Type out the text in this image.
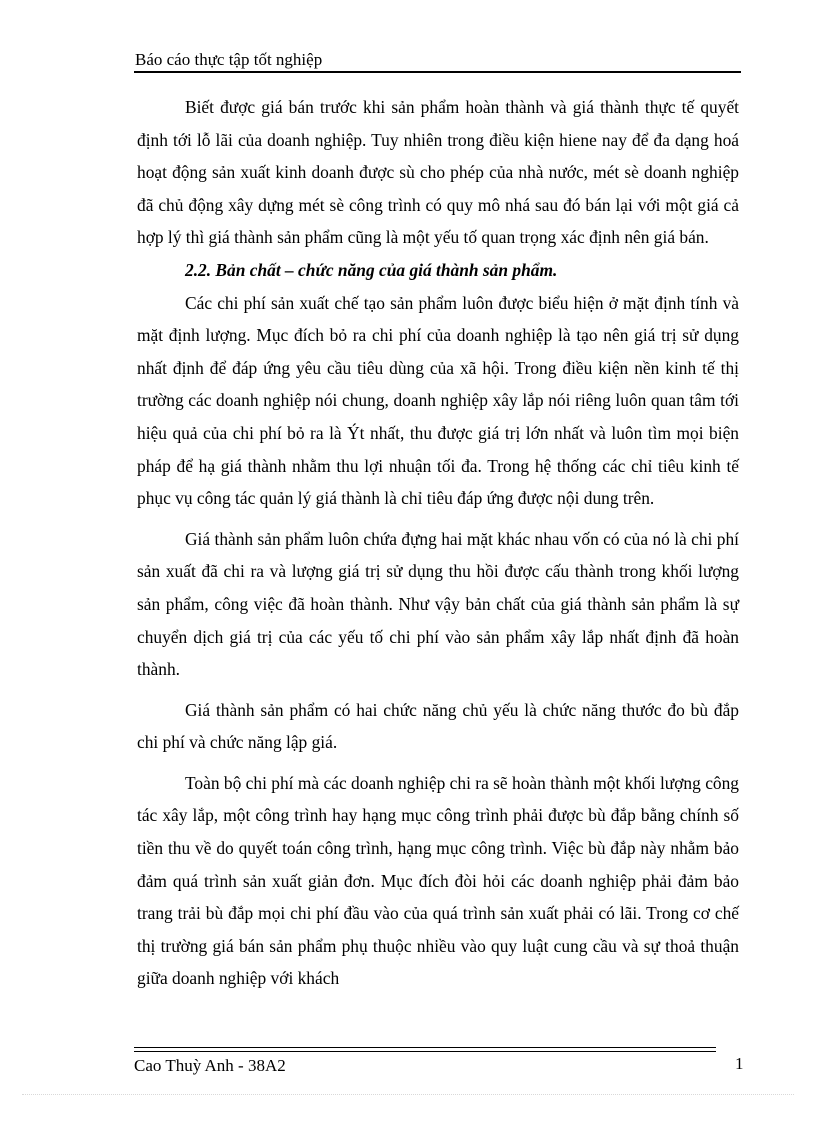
Báo cáo thực tập tốt nghiệp

Biết được giá bán trước khi sản phẩm hoàn thành và giá thành thực tế quyết định tới lỗ lãi của doanh nghiệp. Tuy nhiên trong điều kiện hiene nay để đa dạng hoá hoạt động sản xuất kinh doanh được sù cho phép của nhà nước, mét sè doanh nghiệp đã chủ động xây dựng mét sè công trình có quy mô nhá sau đó bán lại với một giá cả hợp lý thì giá thành sản phẩm cũng là một yếu tố quan trọng xác định nên giá bán.

2.2. Bản chất – chức năng của giá thành sản phẩm.

Các chi phí sản xuất chế tạo sản phẩm luôn được biểu hiện ở mặt định tính và mặt định lượng. Mục đích bỏ ra chi phí của doanh nghiệp là tạo nên giá trị sử dụng nhất định để đáp ứng yêu cầu tiêu dùng của xã hội. Trong điều kiện nền kinh tế thị trường các doanh nghiệp nói chung, doanh nghiệp xây lắp nói riêng luôn quan tâm tới hiệu quả của chi phí bỏ ra là Ýt nhất, thu được giá trị lớn nhất và luôn tìm mọi biện pháp để hạ giá thành nhằm thu lợi nhuận tối đa. Trong hệ thống các chỉ tiêu kinh tế phục vụ công tác quản lý giá thành là chỉ tiêu đáp ứng được nội dung trên.

Giá thành sản phẩm luôn chứa đựng hai mặt khác nhau vốn có của nó là chi phí sản xuất đã chi ra và lượng giá trị sử dụng thu hồi được cấu thành trong khối lượng sản phẩm, công việc đã hoàn thành. Như vậy bản chất của giá thành sản phẩm là sự chuyển dịch giá trị của các yếu tố chi phí vào sản phẩm xây lắp nhất định đã hoàn thành.

Giá thành sản phẩm có hai chức năng chủ yếu là chức năng thước đo bù đắp chi phí và chức năng lập giá.

Toàn bộ chi phí mà các doanh nghiệp chi ra sẽ hoàn thành một khối lượng công tác xây lắp, một công trình hay hạng mục công trình phải được bù đắp bằng chính số tiền thu về do quyết toán công trình, hạng mục công trình. Việc bù đắp này nhằm bảo đảm quá trình sản xuất giản đơn. Mục đích đòi hỏi các doanh nghiệp phải đảm bảo trang trải bù đắp mọi chi phí đầu vào của quá trình sản xuất phải có lãi. Trong cơ chế thị trường giá bán sản phẩm phụ thuộc nhiều vào quy luật cung cầu và sự thoả thuận giữa doanh nghiệp với khách

Cao Thuỳ Anh - 38A2	1
